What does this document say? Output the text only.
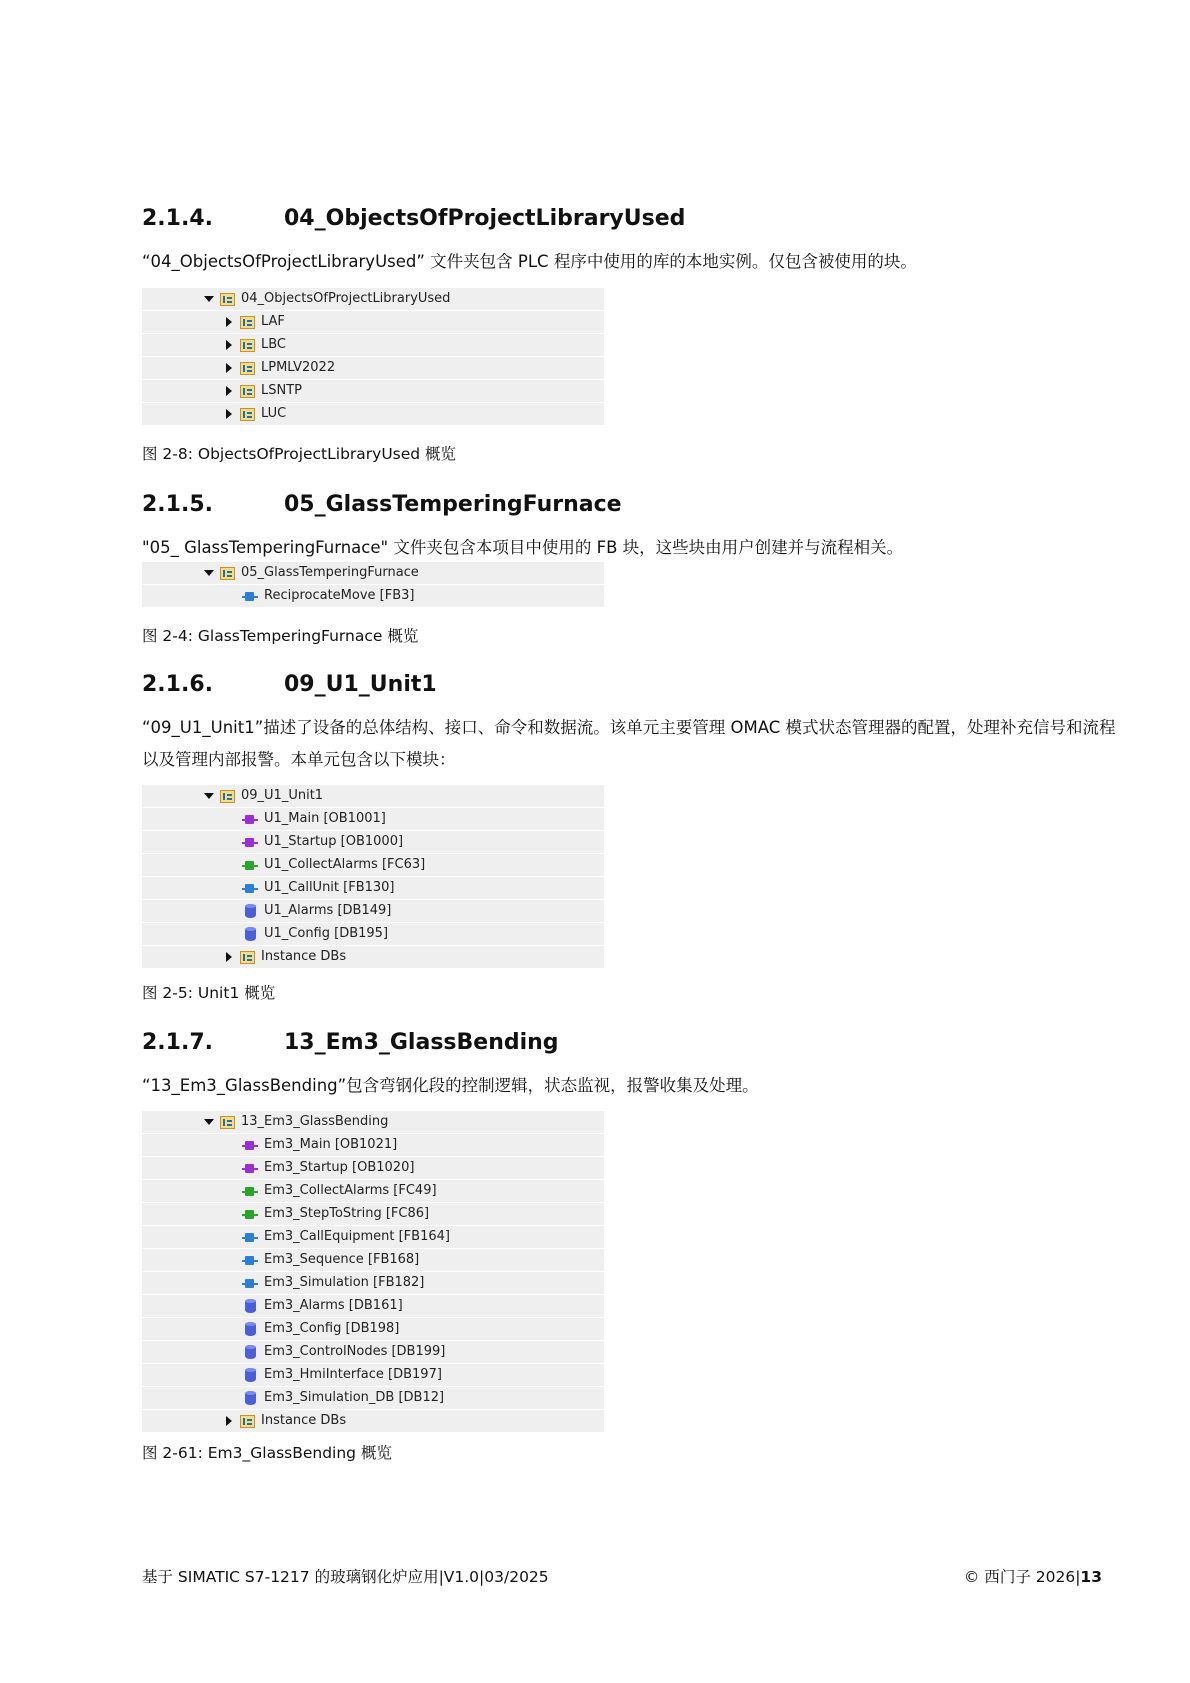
2.1.4.	04_ObjectsOfProjectLibraryUsed

“04_ObjectsOfProjectLibraryUsed” 文件夹包含 PLC 程序中使用的库的本地实例。仅包含被使用的块。

04_ObjectsOfProjectLibraryUsed
LAF
LBC
LPMLV2022
LSNTP
LUC
图 2-8: ObjectsOfProjectLibraryUsed 概览
2.1.5.	05_GlassTemperingFurnace

"05_ GlassTemperingFurnace" 文件夹包含本项目中使用的 FB 块，这些块由用户创建并与流程相关。

05_GlassTemperingFurnace
ReciprocateMove [FB3]
图 2-4: GlassTemperingFurnace 概览
2.1.6.	09_U1_Unit1

“09_U1_Unit1”描述了设备的总体结构、接口、命令和数据流。该单元主要管理 OMAC 模式状态管理器的配置，处理补充信号和流程以及管理内部报警。本单元包含以下模块：

09_U1_Unit1
U1_Main [OB1001]
U1_Startup [OB1000]
U1_CollectAlarms [FC63]
U1_CallUnit [FB130]
U1_Alarms [DB149]
U1_Config [DB195]
Instance DBs
图 2-5: Unit1 概览
2.1.7.	13_Em3_GlassBending

“13_Em3_GlassBending”包含弯钢化段的控制逻辑，状态监视，报警收集及处理。

13_Em3_GlassBending
Em3_Main [OB1021]
Em3_Startup [OB1020]
Em3_CollectAlarms [FC49]
Em3_StepToString [FC86]
Em3_CallEquipment [FB164]
Em3_Sequence [FB168]
Em3_Simulation [FB182]
Em3_Alarms [DB161]
Em3_Config [DB198]
Em3_ControlNodes [DB199]
Em3_HmiInterface [DB197]
Em3_Simulation_DB [DB12]
Instance DBs
图 2-61: Em3_GlassBending 概览
基于 SIMATIC S7-1217 的玻璃钢化炉应用|V1.0|03/2025	© 西门子 2026|13
